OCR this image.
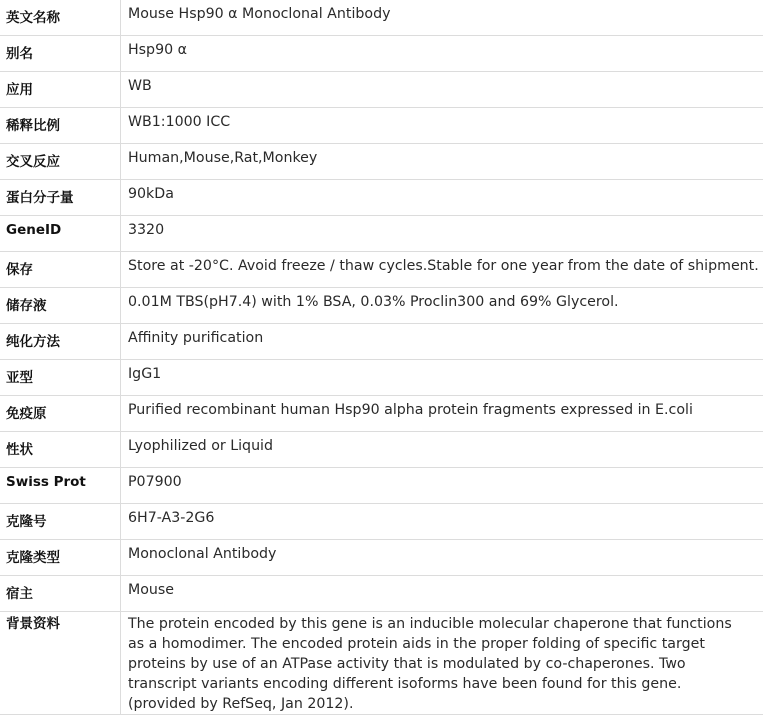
英文名称	Mouse Hsp90 α Monoclonal Antibody
别名	Hsp90 α
应用	WB
稀释比例	WB1:1000 ICC
交叉反应	Human,Mouse,Rat,Monkey
蛋白分子量	90kDa
GeneID	3320
保存	Store at -20°C. Avoid freeze / thaw cycles.Stable for one year from the date of shipment.
储存液	0.01M TBS(pH7.4) with 1% BSA, 0.03% Proclin300 and 69% Glycerol.
纯化方法	Affinity purification
亚型	IgG1
免疫原	Purified recombinant human Hsp90 alpha protein fragments expressed in E.coli
性状	Lyophilized or Liquid
Swiss Prot	P07900
克隆号	6H7-A3-2G6
克隆类型	Monoclonal Antibody
宿主	Mouse
背景资料	The protein encoded by this gene is an inducible molecular chaperone that functions as a homodimer. The encoded protein aids in the proper folding of specific target proteins by use of an ATPase activity that is modulated by co-chaperones. Two transcript variants encoding different isoforms have been found for this gene. (provided by RefSeq, Jan 2012).
